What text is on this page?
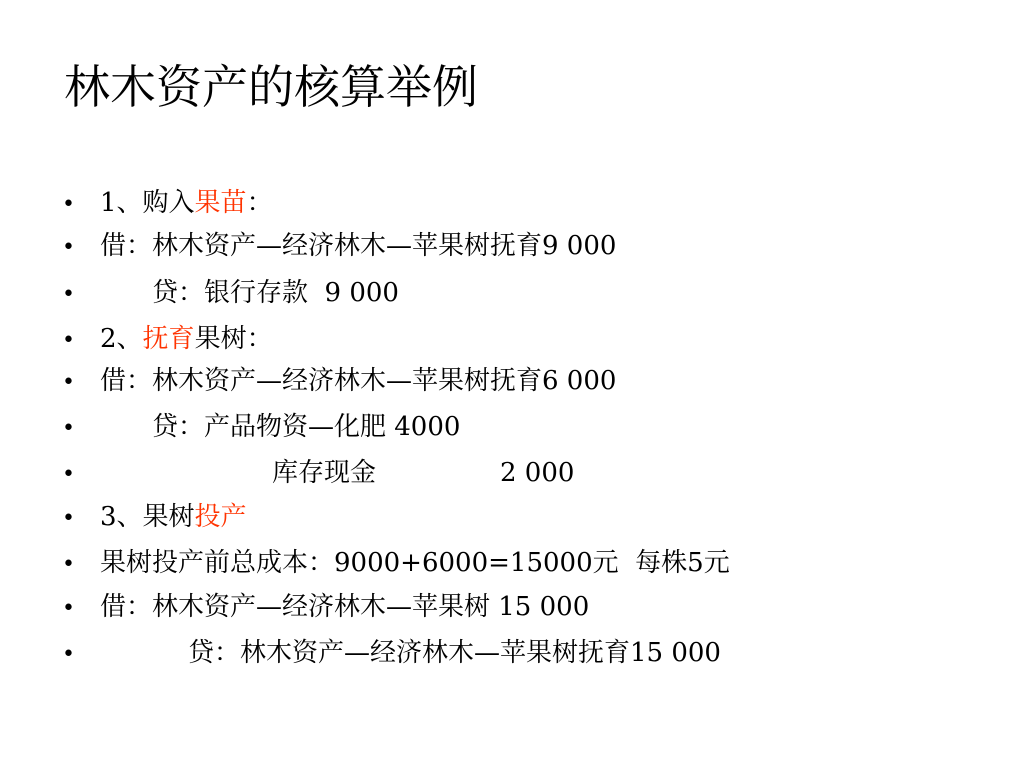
林木资产的核算举例
• 1、购入果苗：
• 借：林木资产—经济林木—苹果树抚育9 000
•	贷：银行存款  9 000
• 2、抚育果树：
• 借：林木资产—经济林木—苹果树抚育6 000
•	贷：产品物资—化肥 4000
•	库存现金               2 000
• 3、果树投产
• 果树投产前总成本：9000+6000=15000元  每株5元
• 借：林木资产—经济林木—苹果树 15 000
•	贷：林木资产—经济林木—苹果树抚育15 000
